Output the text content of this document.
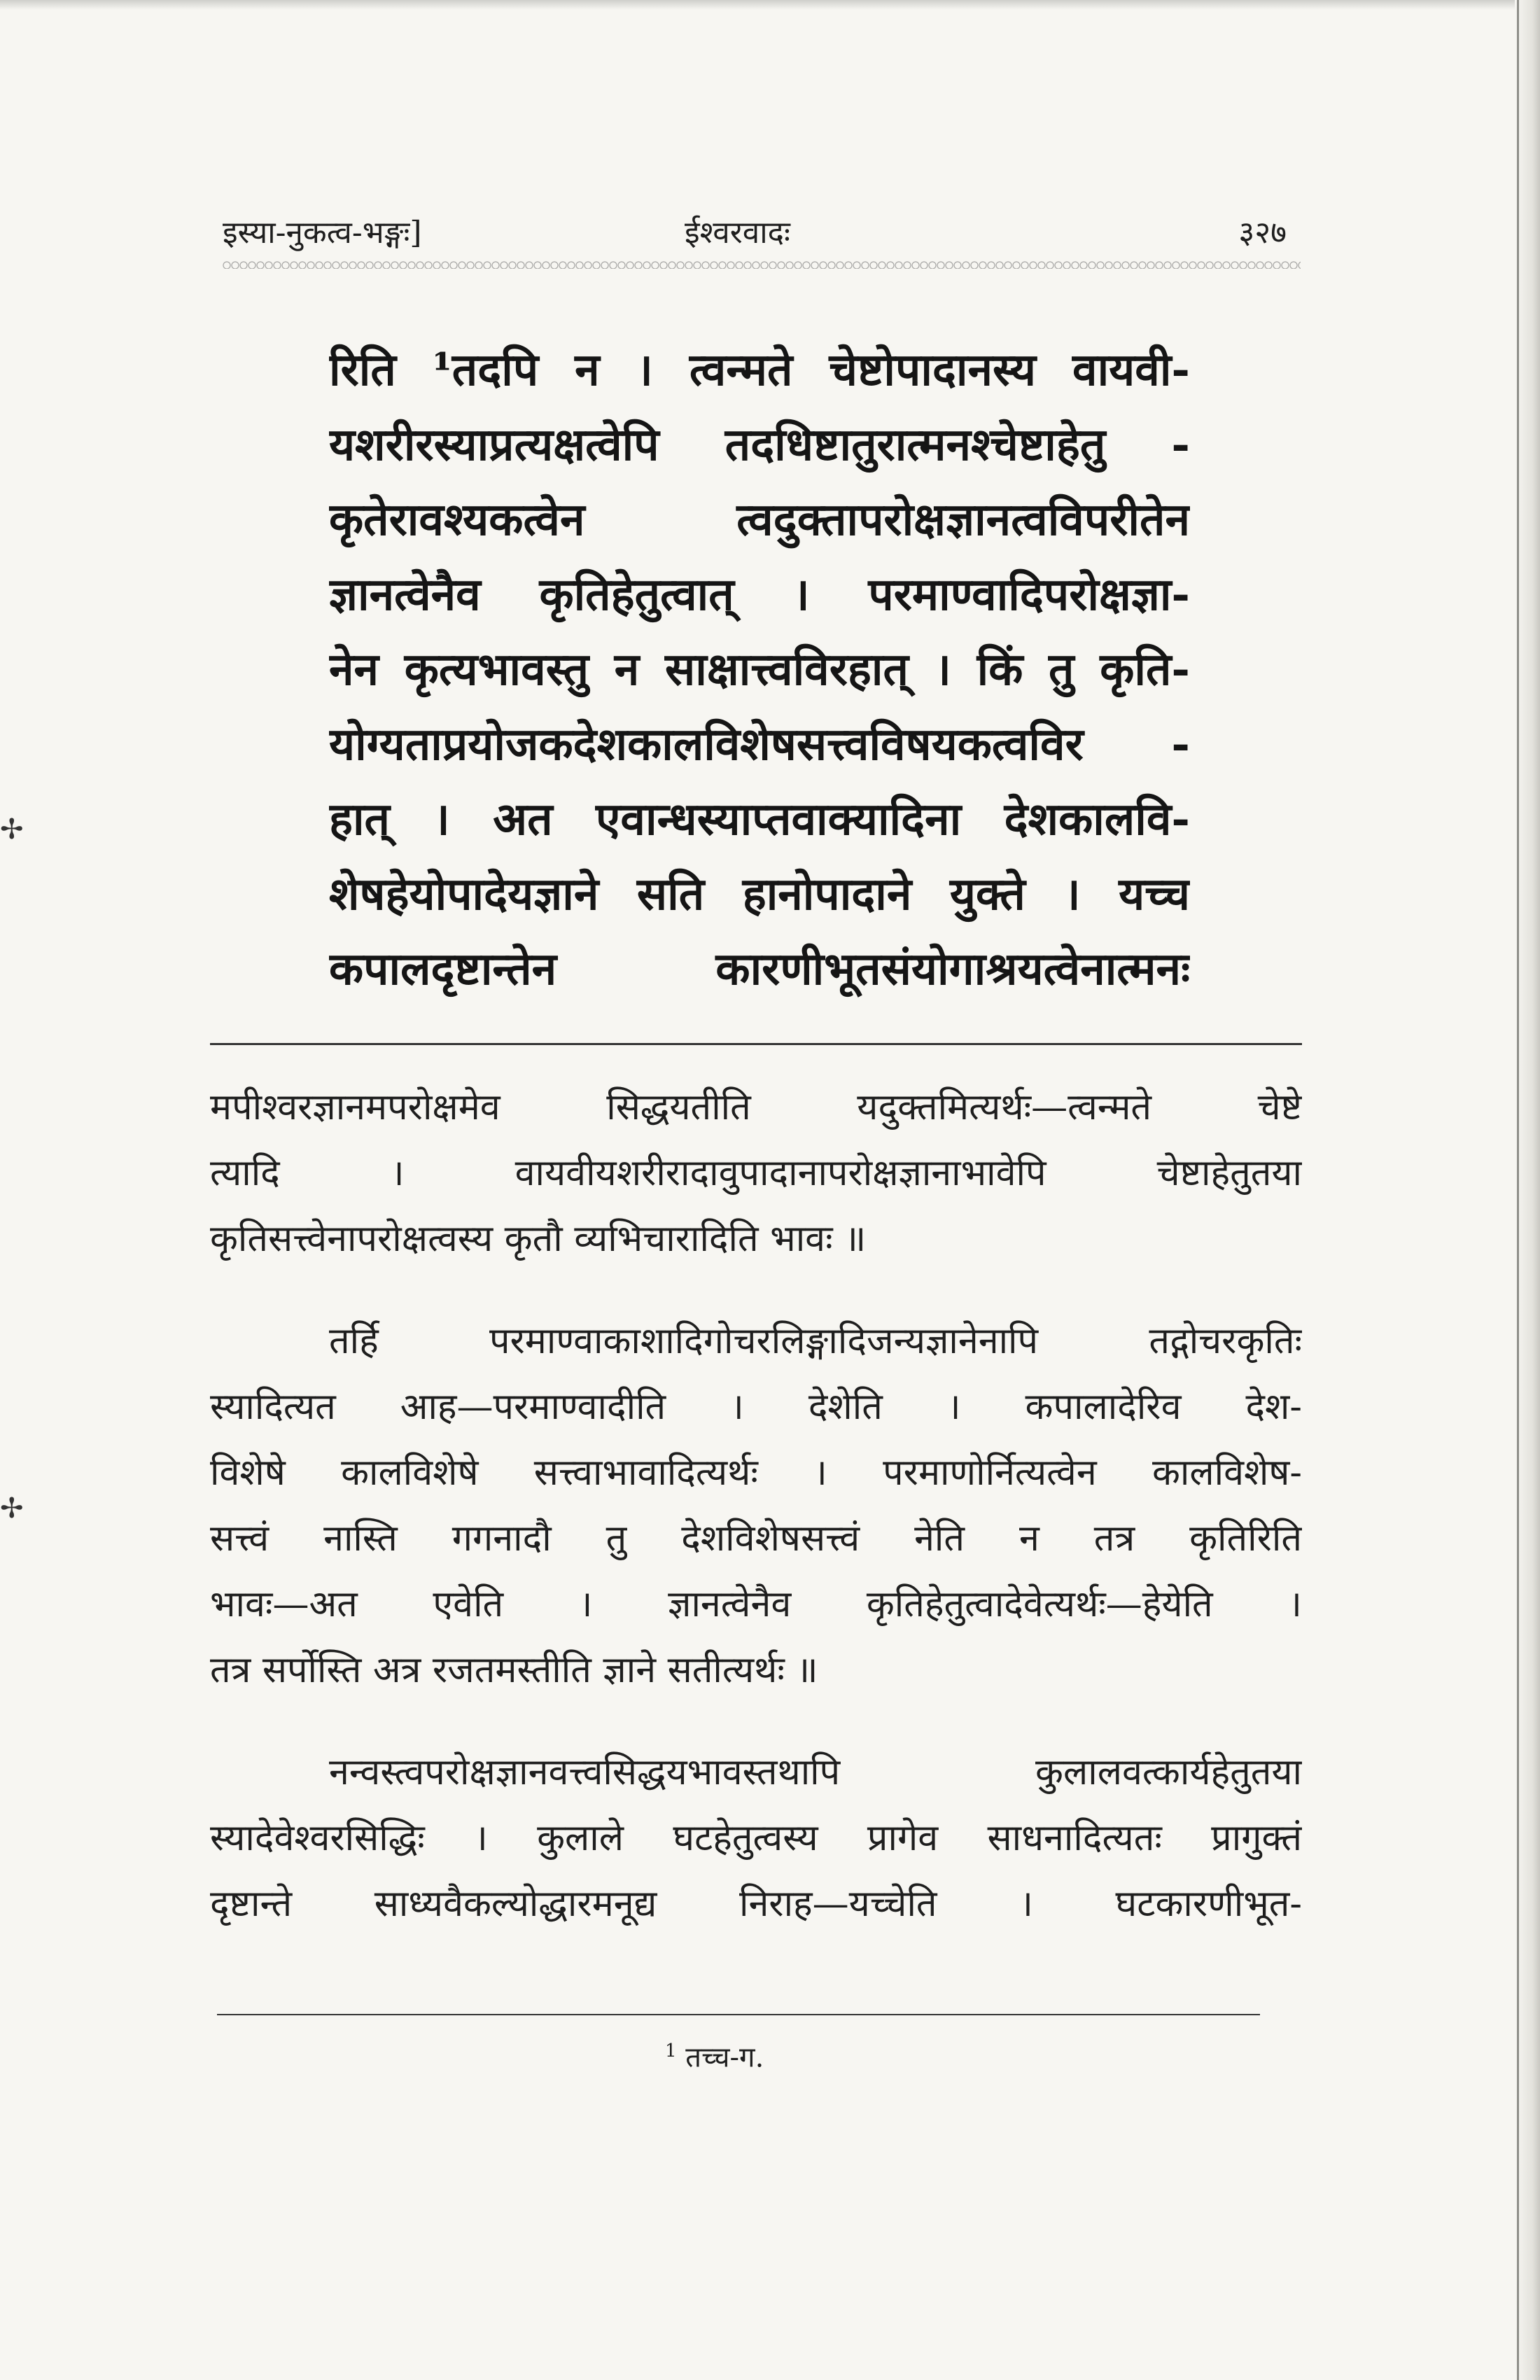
✢
✢
इस्या-नुकत्व-भङ्गः]	ईश्वरवादः	३२७
रिति ¹तदपि न । त्वन्मते चेष्टोपादानस्य वायवी-
यशरीरस्याप्रत्यक्षत्वेपि तदधिष्टातुरात्मनश्चेष्टाहेतु -
कृतेरावश्यकत्वेन त्वदुक्तापरोक्षज्ञानत्वविपरीतेन
ज्ञानत्वेनैव कृतिहेतुत्वात् । परमाण्वादिपरोक्षज्ञा-
नेन कृत्यभावस्तु न साक्षात्त्वविरहात् । किं तु कृति-
योग्यताप्रयोजकदेशकालविशेषसत्त्वविषयकत्वविर -
हात् । अत एवान्धस्याप्तवाक्यादिना देशकालवि-
शेषहेयोपादेयज्ञाने सति हानोपादाने युक्ते । यच्च
कपालदृष्टान्तेन कारणीभूतसंयोगाश्रयत्वेनात्मनः
मपीश्वरज्ञानमपरोक्षमेव सिद्धयतीति यदुक्तमित्यर्थः—त्वन्मते चेष्टे
त्यादि । वायवीयशरीरादावुपादानापरोक्षज्ञानाभावेपि चेष्टाहेतुतया
कृतिसत्त्वेनापरोक्षत्वस्य कृतौ व्यभिचारादिति भावः ॥
तर्हि परमाण्वाकाशादिगोचरलिङ्गादिजन्यज्ञानेनापि तद्गोचरकृतिः
स्यादित्यत आह—परमाण्वादीति । देशेति । कपालादेरिव देश-
विशेषे कालविशेषे सत्त्वाभावादित्यर्थः । परमाणोर्नित्यत्वेन कालविशेष-
सत्त्वं नास्ति गगनादौ तु देशविशेषसत्त्वं नेति न तत्र कृतिरिति
भावः—अत एवेति । ज्ञानत्वेनैव कृतिहेतुत्वादेवेत्यर्थः—हेयेति ।
तत्र सर्पोस्ति अत्र रजतमस्तीति ज्ञाने सतीत्यर्थः ॥
नन्वस्त्वपरोक्षज्ञानवत्त्वसिद्धयभावस्तथापि कुलालवत्कार्यहेतुतया
स्यादेवेश्वरसिद्धिः । कुलाले घटहेतुत्वस्य प्रागेव साधनादित्यतः प्रागुक्तं
दृष्टान्ते साध्यवैकल्योद्धारमनूद्य निराह—यच्चेति । घटकारणीभूत-
$^1$ तच्च-ग.
